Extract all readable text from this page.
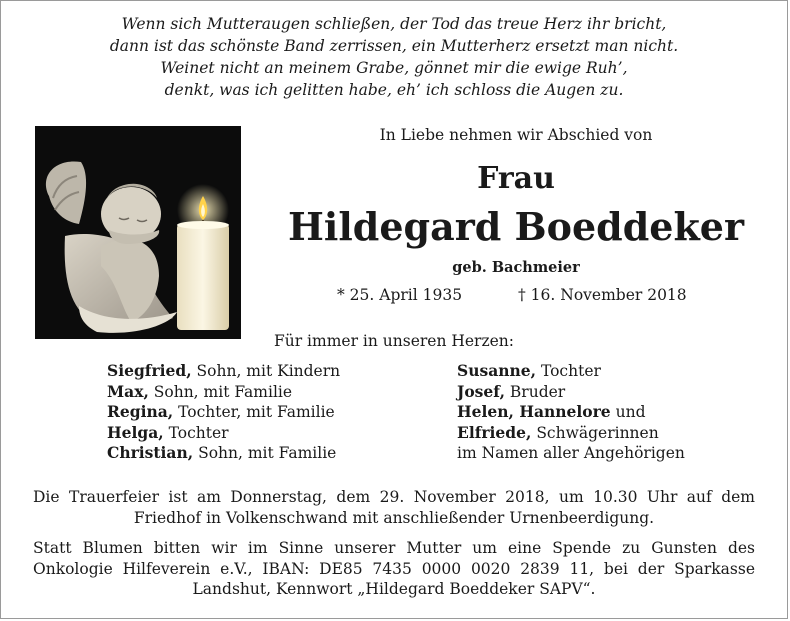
Wenn sich Mutteraugen schließen, der Tod das treue Herz ihr bricht,
dann ist das schönste Band zerrissen, ein Mutterherz ersetzt man nicht.
Weinet nicht an meinem Grabe, gönnet mir die ewige Ruh’,
denkt, was ich gelitten habe, eh’ ich schloss die Augen zu.
In Liebe nehmen wir Abschied von
Frau
Hildegard Boeddeker
geb. Bachmeier
* 25. April 1935	† 16. November 2018
Für immer in unseren Herzen:
Siegfried, Sohn, mit Kindern
Max, Sohn, mit Familie
Regina, Tochter, mit Familie
Helga, Tochter
Christian, Sohn, mit Familie
Susanne, Tochter
Josef, Bruder
Helen, Hannelore und
Elfriede, Schwägerinnen
im Namen aller Angehörigen
Die Trauerfeier ist am Donnerstag, dem 29. November 2018, um 10.30 Uhr auf dem Friedhof in Volkenschwand mit anschließender Urnenbeerdigung.
Statt Blumen bitten wir im Sinne unserer Mutter um eine Spende zu Gunsten des Onkologie Hilfeverein e.V., IBAN: DE85 7435 0000 0020 2839 11, bei der Sparkasse Landshut, Kennwort „Hildegard Boeddeker SAPV“.
